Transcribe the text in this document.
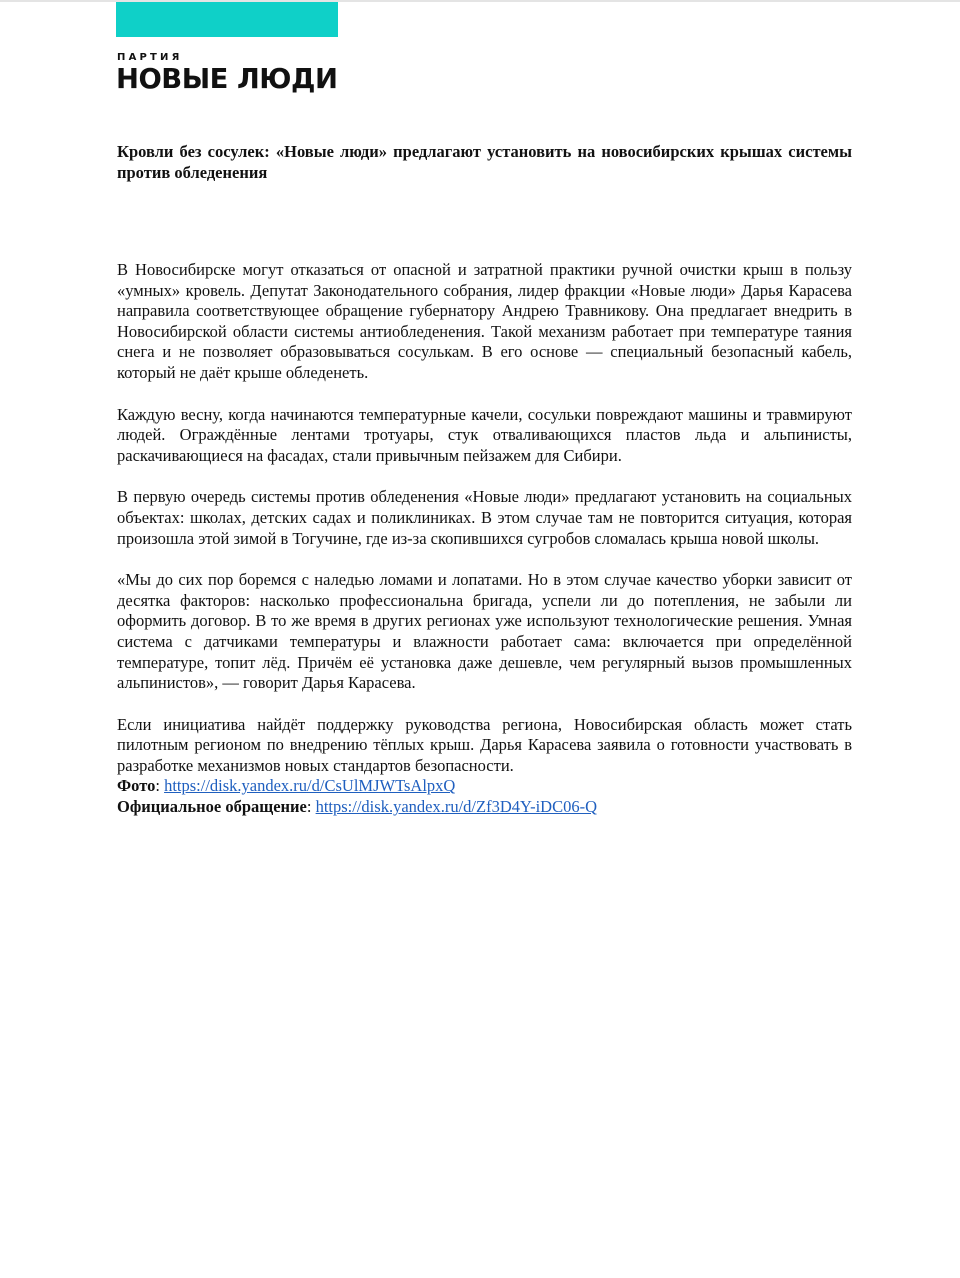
ПАРТИЯ
НОВЫЕ ЛЮДИ

Кровли без сосулек: «Новые люди» предлагают установить на новосибирских крышах системы против обледенения

В Новосибирске могут отказаться от опасной и затратной практики ручной очистки крыш в пользу «умных» кровель. Депутат Законодательного собрания, лидер фракции «Новые люди» Дарья Карасева направила соответствующее обращение губернатору Андрею Травникову. Она предлагает внедрить в Новосибирской области системы антиобледенения. Такой механизм работает при температуре таяния снега и не позволяет образовываться сосулькам. В его основе — специальный безопасный кабель, который не даёт крыше обледенеть.

Каждую весну, когда начинаются температурные качели, сосульки повреждают машины и травмируют людей. Ограждённые лентами тротуары, стук отваливающихся пластов льда и альпинисты, раскачивающиеся на фасадах, стали привычным пейзажем для Сибири.

В первую очередь системы против обледенения «Новые люди» предлагают установить на социальных объектах: школах, детских садах и поликлиниках. В этом случае там не повторится ситуация, которая произошла этой зимой в Тогучине, где из-за скопившихся сугробов сломалась крыша новой школы.

«Мы до сих пор боремся с наледью ломами и лопатами. Но в этом случае качество уборки зависит от десятка факторов: насколько профессиональна бригада, успели ли до потепления, не забыли ли оформить договор. В то же время в других регионах уже используют технологические решения. Умная система с датчиками температуры и влажности работает сама: включается при определённой температуре, топит лёд. Причём её установка даже дешевле, чем регулярный вызов промышленных альпинистов», — говорит Дарья Карасева.

Если инициатива найдёт поддержку руководства региона, Новосибирская область может стать пилотным регионом по внедрению тёплых крыш. Дарья Карасева заявила о готовности участвовать в разработке механизмов новых стандартов безопасности.

Фото: https://disk.yandex.ru/d/CsUlMJWTsAlpxQ

Официальное обращение: https://disk.yandex.ru/d/Zf3D4Y-iDC06-Q
